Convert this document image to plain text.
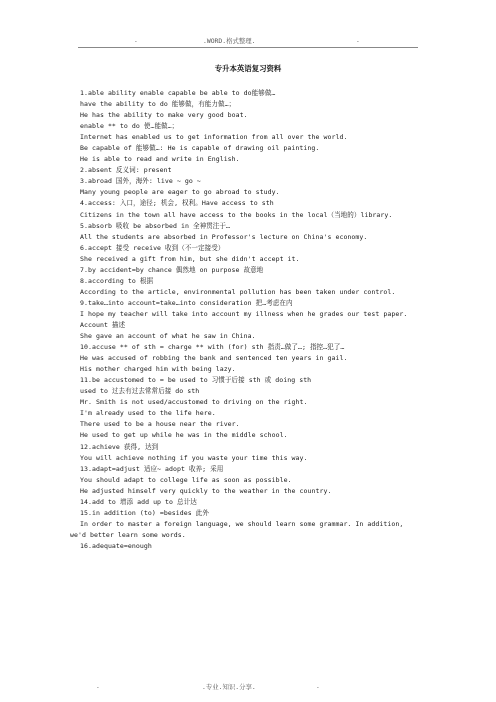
.	.WORD.格式整理.	.
专升本英语复习资料
1.able ability enable capable be able to do能够做…
have the ability to do 能够做，有能力做…；
He has the ability to make very good boat.
enable ** to do 使…能做…；
Internet has enabled us to get information from all over the world.
Be capable of 能够做…: He is capable of drawing oil painting.
He is able to read and write in English.
2.absent 反义词: present
3.abroad 国外，海外: live ~ go ~
Many young people are eager to go abroad to study.
4.access: 入口，途径; 机会, 权利。Have access to sth
Citizens in the town all have access to the books in the local（当地的）library.
5.absorb 吸收 be absorbed in 全神贯注于…
All the students are absorbed in Professor's lecture on China's economy.
6.accept 接受 receive 收到（不一定接受）
She received a gift from him, but she didn't accept it.
7.by accident=by chance 偶然地 on purpose 故意地
8.according to 根据
According to the article, environmental pollution has been taken under control.
9.take…into account=take…into consideration 把…考虑在内
I hope my teacher will take into account my illness when he grades our test paper.
Account 描述
She gave an account of what he saw in China.
10.accuse ** of sth = charge ** with (for) sth 指责…做了…; 指控…犯了…
He was accused of robbing the bank and sentenced ten years in gail.
His mother charged him with being lazy.
11.be accustomed to = be used to 习惯于后接 sth 或 doing sth
used to 过去有过去常常后接 do sth
Mr. Smith is not used/accustomed to driving on the right.
I'm already used to the life here.
There used to be a house near the river.
He used to get up while he was in the middle school.
12.achieve 获得, 达到
You will achieve nothing if you waste your time this way.
13.adapt=adjust 适应~ adopt 收养; 采用
You should adapt to college life as soon as possible.
He adjusted himself very quickly to the weather in the country.
14.add to 增添 add up to 总计达
15.in addition (to) =besides 此外
In order to master a foreign language, we should learn some grammar. In addition,
we'd better learn some words.
16.adequate=enough
.	.专业.知识.分享.	.
